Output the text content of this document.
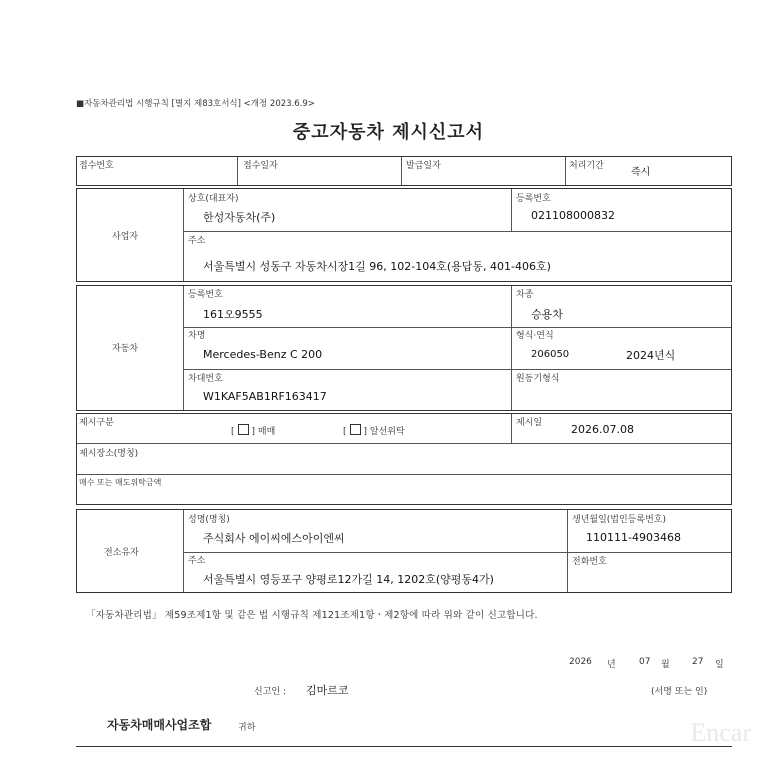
■자동차관리법 시행규칙 [별지 제83호서식] <개정 2023.6.9>
중고자동차 제시신고서
접수번호	접수일자	발급일자	처리기간
즉시
사업자
상호(대표자)
한성자동차(주)
등록번호
021108000832
주소
서울특별시 성동구 자동차시장1길 96, 102-104호(용답동, 401-406호)
자동차
등록번호
161오9555
차종
승용차
차명
Mercedes-Benz C 200
형식·연식
206050	2024년식
차대번호
W1KAF5AB1RF163417
원동기형식
제시구분
[ ] 매매	[ ] 알선위탁
제시일	2026.07.08
제시장소(명칭)
매수 또는 매도위탁금액
전소유자
성명(명칭)
주식회사 에이씨에스아이엔씨
생년월일(법인등록번호)
110111-4903468
주소
서울특별시 영등포구 양평로12가길 14, 1202호(양평동4가)
전화번호
「자동차관리법」 제59조제1항 및 같은 법 시행규칙 제121조제1항ㆍ제2항에 따라 위와 같이 신고합니다.
2026 년	07 월 27 일
신고인 : 김마르코	(서명 또는 인)
자동차매매사업조합	귀하	Encar
